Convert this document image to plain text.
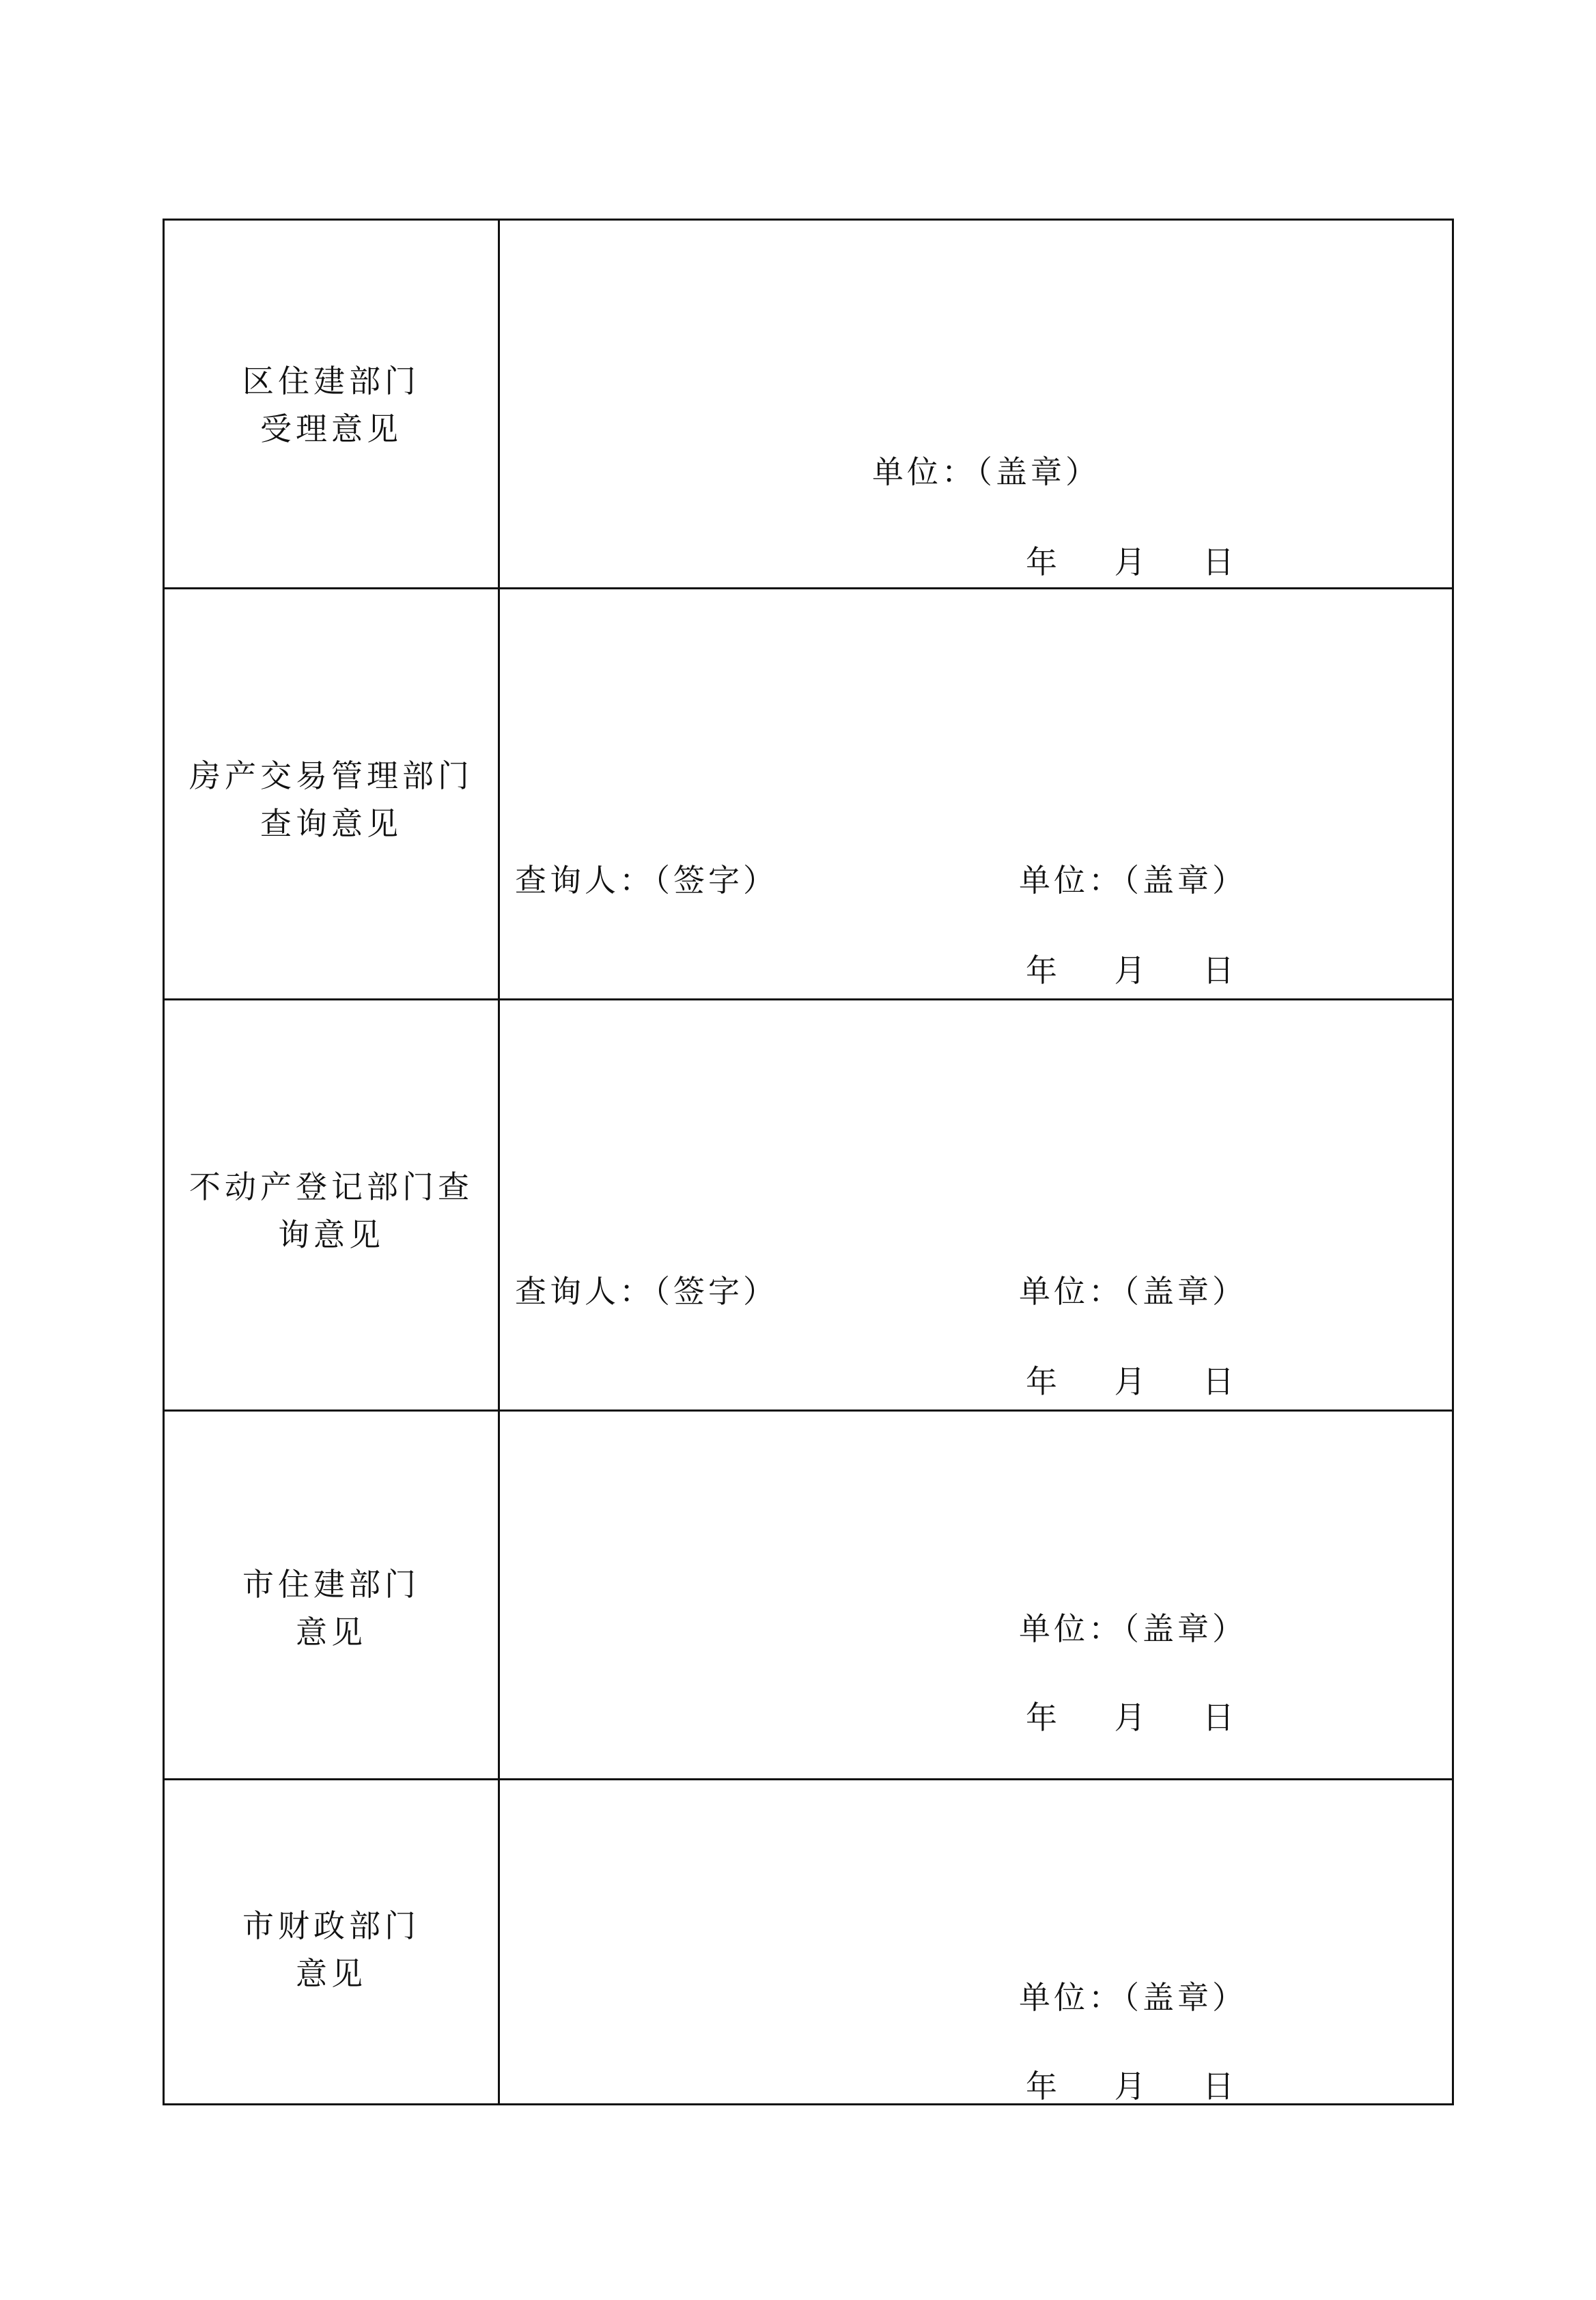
区住建部门
受理意见	单位：（盖章）
年    月    日

房产交易管理部门
查询意见	查询人：（签字） 单位：（盖章）
年    月    日

不动产登记部门查
询意见	查询人：（签字） 单位：（盖章）
年    月    日

市住建部门
意见	单位：（盖章）
年    月    日

市财政部门
意见	单位：（盖章）
年    月    日
